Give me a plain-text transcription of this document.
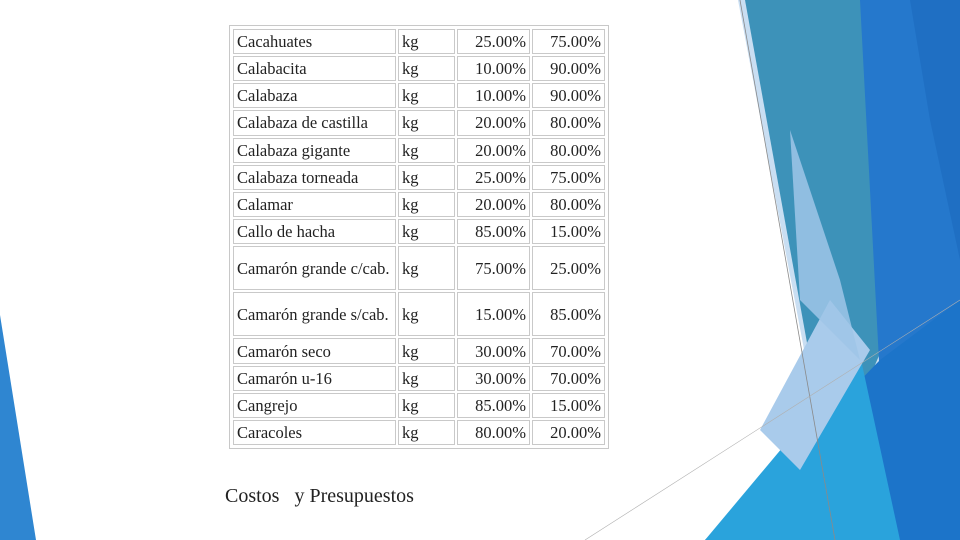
Cacahuates	kg	25.00%	75.00%
Calabacita	kg	10.00%	90.00%
Calabaza	kg	10.00%	90.00%
Calabaza de castilla	kg	20.00%	80.00%
Calabaza gigante	kg	20.00%	80.00%
Calabaza torneada	kg	25.00%	75.00%
Calamar	kg	20.00%	80.00%
Callo de hacha	kg	85.00%	15.00%
Camarón grande c/cab.	kg	75.00%	25.00%
Camarón grande s/cab.	kg	15.00%	85.00%
Camarón seco	kg	30.00%	70.00%
Camarón u-16	kg	30.00%	70.00%
Cangrejo	kg	85.00%	15.00%
Caracoles	kg	80.00%	20.00%
Costos   y Presupuestos
